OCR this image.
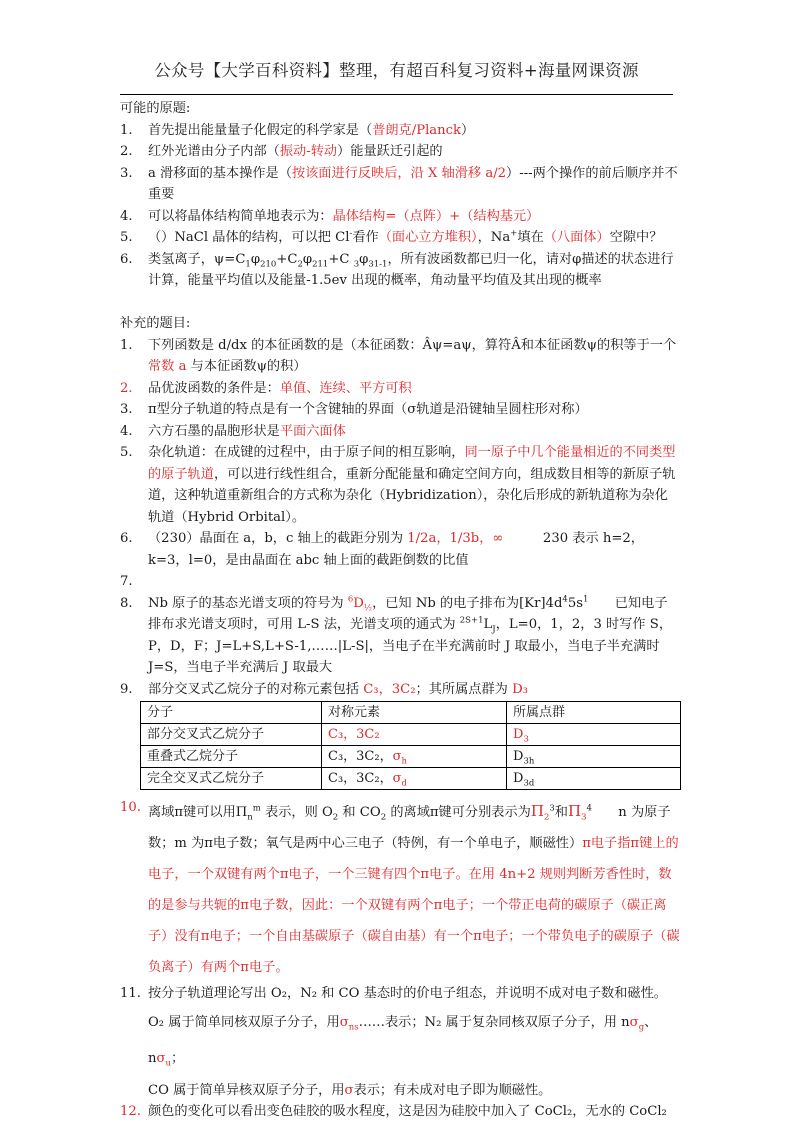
公众号【大学百科资料】整理，有超百科复习资料+海量网课资源
可能的原题:
1.	首先提出能量量子化假定的科学家是（普朗克/Planck）
2.	红外光谱由分子内部（振动-转动）能量跃迁引起的
3.	a 滑移面的基本操作是（按该面进行反映后，沿 X 轴滑移 a/2）---两个操作的前后顺序并不重要
4.	可以将晶体结构简单地表示为：晶体结构=（点阵）+（结构基元）
5.	（）NaCl 晶体的结构，可以把 Cl-看作（面心立方堆积），Na+填在（八面体）空隙中？
6.	类氢离子，$\psi=C_1\varphi_{210}+C_2\varphi_{211}+C$ $_3\varphi_{31-1}$，所有波函数都已归一化，请对φ描述的状态进行计算，能量平均值以及能量-1.5ev 出现的概率，角动量平均值及其出现的概率
补充的题目:
1.	下列函数是 d/dx 的本征函数的是（本征函数：Âψ=aψ，算符Â和本征函数ψ的积等于一个常数 a 与本征函数ψ的积）
2.	品优波函数的条件是：单值、连续、平方可积
3.	π型分子轨道的特点是有一个含键轴的界面（σ轨道是沿键轴呈圆柱形对称）
4.	六方石墨的晶胞形状是平面六面体
5.	杂化轨道：在成键的过程中，由于原子间的相互影响，同一原子中几个能量相近的不同类型的原子轨道，可以进行线性组合，重新分配能量和确定空间方向，组成数目相等的新原子轨道，这种轨道重新组合的方式称为杂化（Hybridization），杂化后形成的新轨道称为杂化轨道（Hybrid Orbital）。
6.	（230）晶面在 a，b，c 轴上的截距分别为 1/2a，1/3b，∞　　　230 表示 h=2，k=3，l=0，是由晶面在 abc 轴上面的截距倒数的比值
7.

8.	Nb 原子的基态光谱支项的符号为 $^6D_{\frac{1}{2}}$，已知 Nb 的电子排布为$[Kr]4d^45s^1$　　已知电子排布求光谱支项时，可用 L-S 法，光谱支项的通式为 $^{2S+1}L_J$，L=0，1，2，3 时写作 S，P，D，F；J=L+S,L+S-1,……|L-S|，当电子在半充满前时 J 取最小，当电子半充满时 J=S，当电子半充满后 J 取最大
9.	部分交叉式乙烷分子的对称元素包括 C₃，3C₂；其所属点群为 D₃
分子	对称元素	所属点群
部分交叉式乙烷分子	C₃，3C₂	$D_3$
重叠式乙烷分子	C₃，3C₂，$\sigma_h$	$D_{3h}$
完全交叉式乙烷分子	C₃，3C₂，$\sigma_d$	$D_{3d}$
10. 离域π键可以用$\Pi_n^m$ 表示，则 $O_2$ 和 $CO_2$ 的离域π键可分别表示为$\Pi_2^3$和$\Pi_3^4$　　n 为原子数；m 为π电子数；氧气是两中心三电子（特例，有一个单电子，顺磁性）π电子指π键上的电子，一个双键有两个π电子，一个三键有四个π电子。在用 4n+2 规则判断芳香性时，数的是参与共轭的π电子数，因此：一个双键有两个π电子；一个带正电荷的碳原子（碳正离子）没有π电子；一个自由基碳原子（碳自由基）有一个π电子；一个带负电子的碳原子（碳负离子）有两个π电子。
11. 按分子轨道理论写出 O₂，N₂ 和 CO 基态时的价电子组态，并说明不成对电子数和磁性。
O₂ 属于简单同核双原子分子，用$\sigma_{ns}\dots\dots$表示；N₂ 属于复杂同核双原子分子，用 $n\sigma_g$、$n\sigma_u$；
CO 属于简单异核双原子分子，用σ表示；有未成对电子即为顺磁性。
12. 颜色的变化可以看出变色硅胶的吸水程度，这是因为硅胶中加入了 CoCl₂，无水的 CoCl₂
